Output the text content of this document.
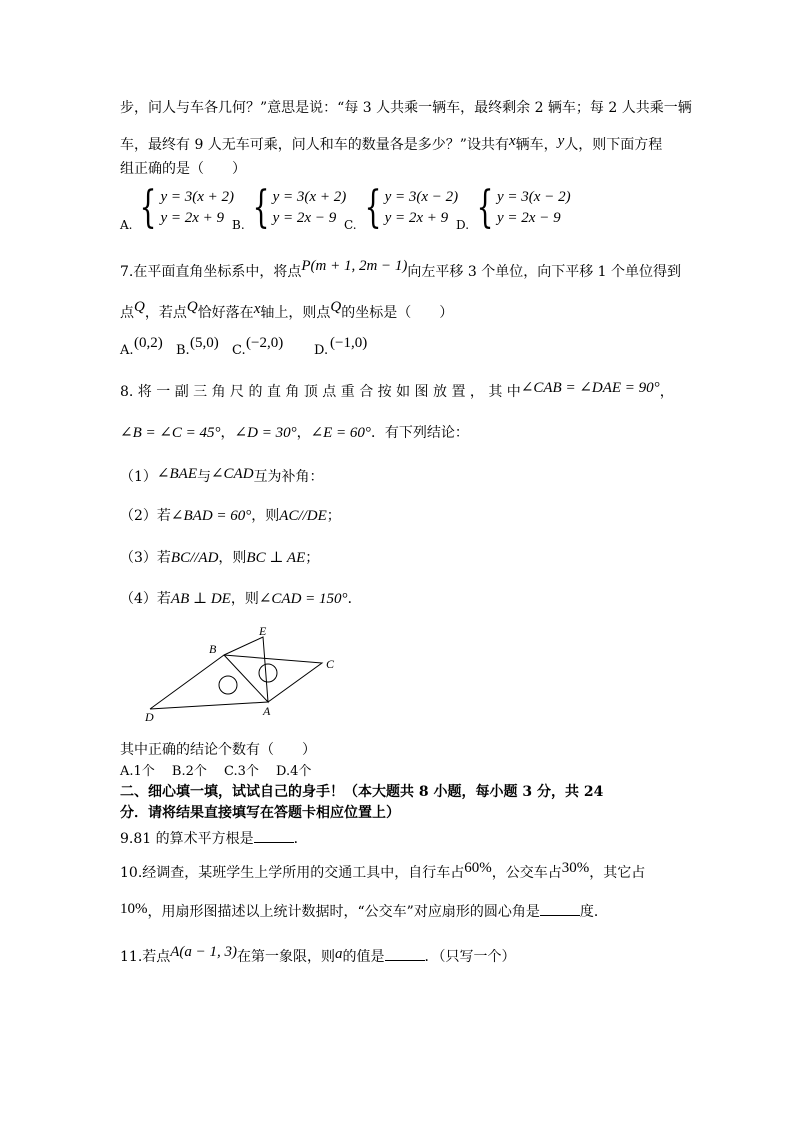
步，问人与车各几何？”意思是说：“每 3 人共乘一辆车，最终剩余 2 辆车；每 2 人共乘一辆
车，最终有 9 人无车可乘，问人和车的数量各是多少？”设共有x辆车，y人，则下面方程
组正确的是（　　）
A. { y = 3(x + 2)
y = 2x + 9 B. { y = 3(x + 2)
y = 2x − 9 C. { y = 3(x − 2)
y = 2x + 9 D. { y = 3(x − 2)
y = 2x − 9
7.在平面直角坐标系中，将点P(m + 1, 2m − 1)向左平移 3 个单位，向下平移 1 个单位得到
点Q，若点Q恰好落在x轴上，则点Q的坐标是（　　）
A. (0,2) B. (5,0) C. (−2,0) D. (−1,0)
8. 将 一 副 三 角 尺 的 直 角 顶 点 重 合 按 如 图 放 置 ， 其 中∠CAB = ∠DAE = 90°，
∠B = ∠C = 45°，∠D = 30°，∠E = 60°．有下列结论：
（1）∠BAE与∠CAD互为补角：
（2）若∠BAD = 60°，则AC//DE；
（3）若BC//AD，则BC ⊥ AE；
（4）若AB ⊥ DE，则∠CAD = 150°．
B
E
C
D	A
其中正确的结论个数有（　　）
A.1个　 B.2个　 C.3个　 D.4个
二、细心填一填，试试自己的身手！（本大题共 8 小题，每小题 3 分，共 24
分．请将结果直接填写在答题卡相应位置上）
9.81 的算术平方根是	．
10.经调查，某班学生上学所用的交通工具中，自行车占60%，公交车占30%，其它占
10%，用扇形图描述以上统计数据时，“公交车”对应扇形的圆心角是	度．
11.若点A(a − 1, 3)在第一象限，则a的值是	．（只写一个）
